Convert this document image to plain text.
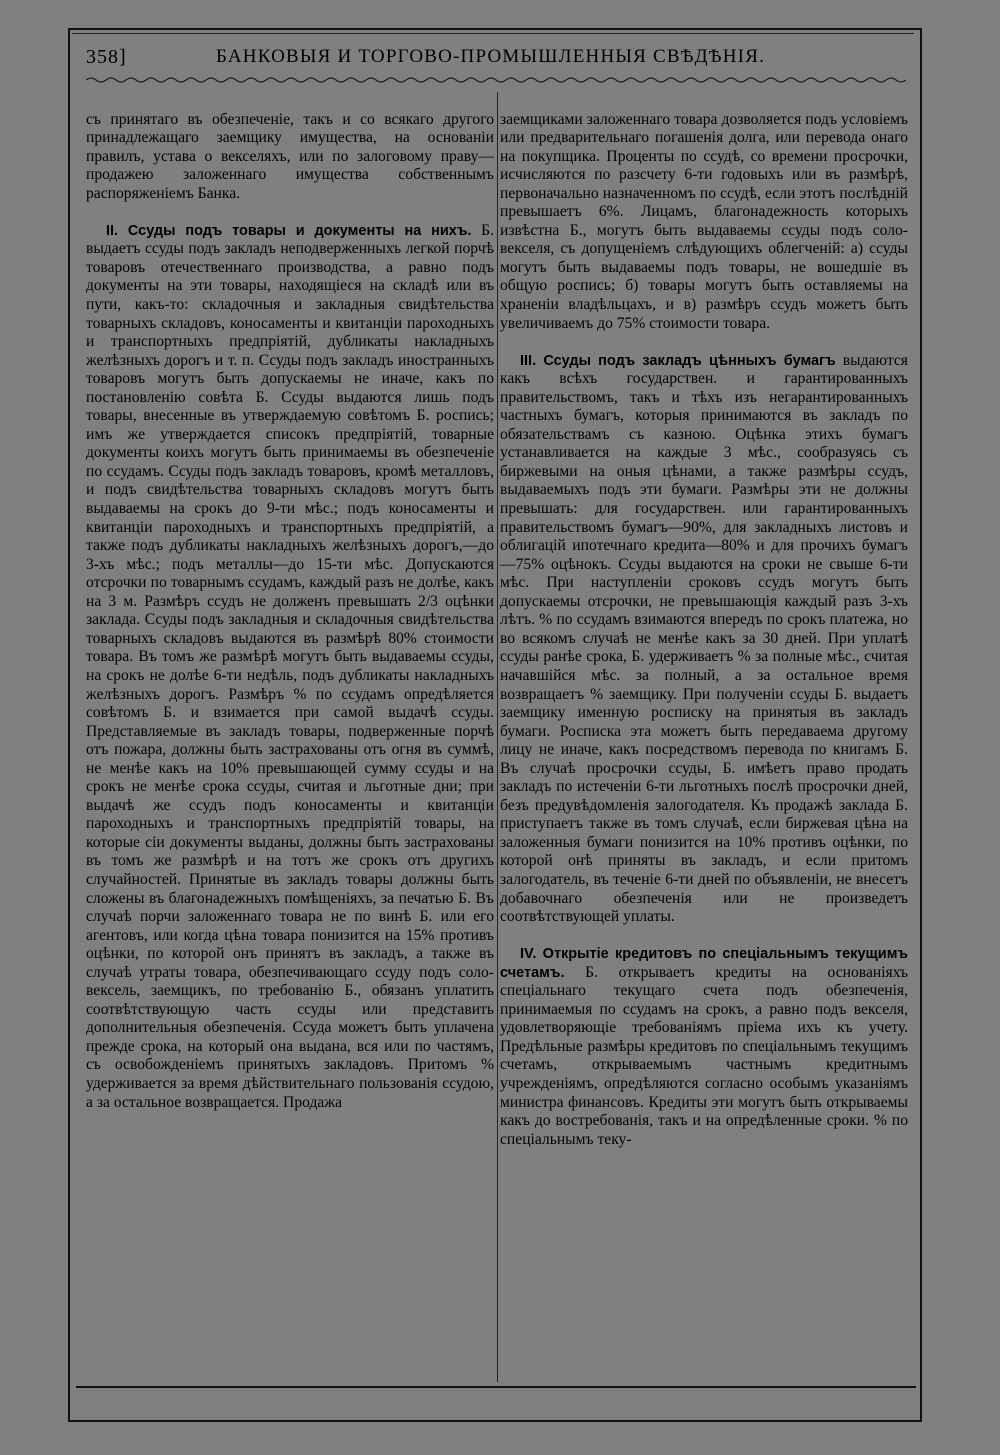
358]	БАНКОВЫЯ И ТОРГОВО-ПРОМЫШЛЕННЫЯ СВѢДѢНІЯ.

съ принятаго въ обезпеченіе, такъ и со всякаго другого принадлежащаго заемщику имущества, на основаніи правилъ, устава о векселяхъ, или по залоговому праву—продажею заложеннаго имущества собственнымъ распоряженіемъ Банка.

II. Ссуды подъ товары и документы на нихъ. Б. выдаетъ ссуды подъ закладъ неподверженныхъ легкой порчѣ товаровъ отечественнаго производства, а равно подъ документы на эти товары, находящіеся на складѣ или въ пути, какъ-то: складочныя и закладныя свидѣтельства товарныхъ складовъ, коносаменты и квитанціи пароходныхъ и транспортныхъ предпріятій, дубликаты накладныхъ желѣзныхъ дорогъ и т. п. Ссуды подъ закладъ иностранныхъ товаровъ могутъ быть допускаемы не иначе, какъ по постановленію совѣта Б. Ссуды выдаются лишь подъ товары, внесенные въ утверждаемую совѣтомъ Б. роспись; имъ же утверждается списокъ предпріятій, товарные документы коихъ могутъ быть принимаемы въ обезпеченіе по ссудамъ. Ссуды подъ закладъ товаровъ, кромѣ металловъ, и подъ свидѣтельства товарныхъ складовъ могутъ быть выдаваемы на срокъ до 9-ти мѣс.; подъ коносаменты и квитанціи пароходныхъ и транспортныхъ предпріятій, а также подъ дубликаты накладныхъ желѣзныхъ дорогъ,—до 3-хъ мѣс.; подъ металлы—до 15-ти мѣс. Допускаются отсрочки по товарнымъ ссудамъ, каждый разъ не долѣе, какъ на 3 м. Размѣръ ссудъ не долженъ превышать 2/3 оцѣнки заклада. Ссуды подъ закладныя и складочныя свидѣтельства товарныхъ складовъ выдаются въ размѣрѣ 80% стоимости товара. Въ томъ же размѣрѣ могутъ быть выдаваемы ссуды, на срокъ не долѣе 6-ти недѣль, подъ дубликаты накладныхъ желѣзныхъ дорогъ. Размѣръ % по ссудамъ опредѣляется совѣтомъ Б. и взимается при самой выдачѣ ссуды. Представляемые въ закладъ товары, подверженные порчѣ отъ пожара, должны быть застрахованы отъ огня въ суммѣ, не менѣе какъ на 10% превышающей сумму ссуды и на срокъ не менѣе срока ссуды, считая и льготные дни; при выдачѣ же ссудъ подъ коносаменты и квитанціи пароходныхъ и транспортныхъ предпріятій товары, на которые сіи документы выданы, должны быть застрахованы въ томъ же размѣрѣ и на тотъ же срокъ отъ другихъ случайностей. Принятые въ закладъ товары должны быть сложены въ благонадежныхъ помѣщеніяхъ, за печатью Б. Въ случаѣ порчи заложеннаго товара не по винѣ Б. или его агентовъ, или когда цѣна товара понизится на 15% противъ оцѣнки, по которой онъ принятъ въ закладъ, а также въ случаѣ утраты товара, обезпечивающаго ссуду подъ соло-вексель, заемщикъ, по требованію Б., обязанъ уплатить соотвѣтствующую часть ссуды или представить дополнительныя обезпеченія. Ссуда можетъ быть уплачена прежде срока, на который она выдана, вся или по частямъ, съ освобожденіемъ принятыхъ закладовъ. Притомъ % удерживается за время дѣйствительнаго пользованія ссудою, а за остальное возвращается. Продажа

заемщиками заложеннаго товара дозволяется подъ условіемъ или предварительнаго погашенія долга, или перевода онаго на покупщика. Проценты по ссудѣ, со времени просрочки, исчисляются по разсчету 6-ти годовыхъ или въ размѣрѣ, первоначально назначенномъ по ссудѣ, если этотъ послѣдній превышаетъ 6%. Лицамъ, благонадежность которыхъ извѣстна Б., могутъ быть выдаваемы ссуды подъ соло-векселя, съ допущеніемъ слѣдующихъ облегченій: а) ссуды могутъ быть выдаваемы подъ товары, не вошедшіе въ общую роспись; б) товары могутъ быть оставляемы на храненіи владѣльцахъ, и в) размѣръ ссудъ можетъ быть увеличиваемъ до 75% стоимости товара.

III. Ссуды подъ закладъ цѣнныхъ бумагъ выдаются какъ всѣхъ государствен. и гарантированныхъ правительствомъ, такъ и тѣхъ изъ негарантированныхъ частныхъ бумагъ, которыя принимаются въ закладъ по обязательствамъ съ казною. Оцѣнка этихъ бумагъ устанавливается на каждые 3 мѣс., сообразуясь съ биржевыми на оныя цѣнами, а также размѣры ссудъ, выдаваемыхъ подъ эти бумаги. Размѣры эти не должны превышать: для государствен. или гарантированныхъ правительствомъ бумагъ—90%, для закладныхъ листовъ и облигацій ипотечнаго кредита—80% и для прочихъ бумагъ—75% оцѣнокъ. Ссуды выдаются на сроки не свыше 6-ти мѣс. При наступленіи сроковъ ссудъ могутъ быть допускаемы отсрочки, не превышающія каждый разъ 3-хъ лѣтъ. % по ссудамъ взимаются впередъ по срокъ платежа, но во всякомъ случаѣ не менѣе какъ за 30 дней. При уплатѣ ссуды ранѣе срока, Б. удерживаетъ % за полные мѣс., считая начавшійся мѣс. за полный, а за остальное время возвращаетъ % заемщику. При полученіи ссуды Б. выдаетъ заемщику именную росписку на принятыя въ закладъ бумаги. Росписка эта можетъ быть передаваема другому лицу не иначе, какъ посредствомъ перевода по книгамъ Б. Въ случаѣ просрочки ссуды, Б. имѣетъ право продать закладъ по истеченіи 6-ти льготныхъ послѣ просрочки дней, безъ предувѣдомленія залогодателя. Къ продажѣ заклада Б. приступаетъ также въ томъ случаѣ, если биржевая цѣна на заложенныя бумаги понизится на 10% противъ оцѣнки, по которой онѣ приняты въ закладъ, и если притомъ залогодатель, въ теченіе 6-ти дней по объявленіи, не внесетъ добавочнаго обезпеченія или не произведетъ соотвѣтствующей уплаты.

IV. Открытіе кредитовъ по спеціальнымъ текущимъ счетамъ. Б. открываетъ кредиты на основаніяхъ спеціальнаго текущаго счета подъ обезпеченія, принимаемыя по ссудамъ на срокъ, а равно подъ векселя, удовлетворяющіе требованіямъ пріема ихъ къ учету. Предѣльные размѣры кредитовъ по спеціальнымъ текущимъ счетамъ, открываемымъ частнымъ кредитнымъ учрежденіямъ, опредѣляются согласно особымъ указаніямъ министра финансовъ. Кредиты эти могутъ быть открываемы какъ до востребованія, такъ и на опредѣленные сроки. % по спеціальнымъ теку-
